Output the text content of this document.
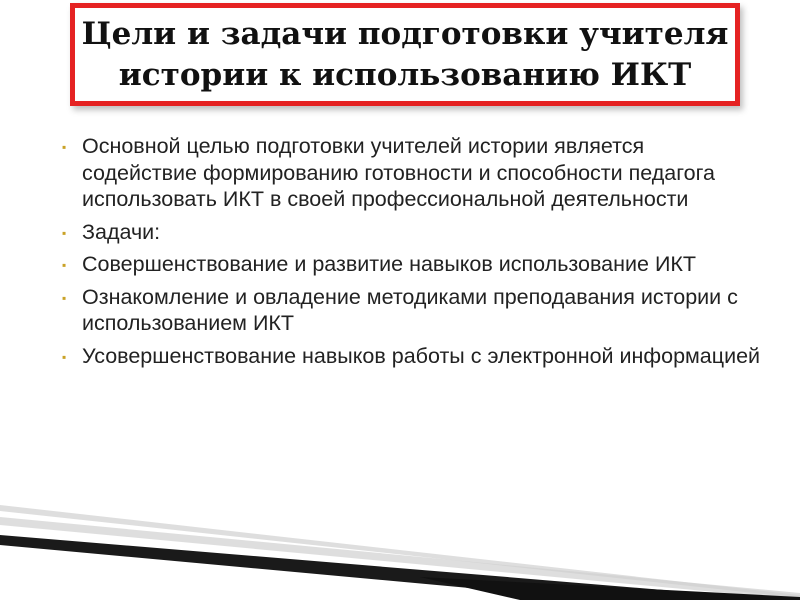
Цели и задачи подготовки учителя истории к использованию ИКТ
▪ Основной целью подготовки учителей истории является содействие формированию готовности и способности педагога использовать ИКТ в своей профессиональной деятельности
▪ Задачи:
▪ Совершенствование и развитие навыков использование ИКТ
▪ Ознакомление и овладение методиками преподавания истории с использованием ИКТ
▪ Усовершенствование навыков работы с электронной информацией
